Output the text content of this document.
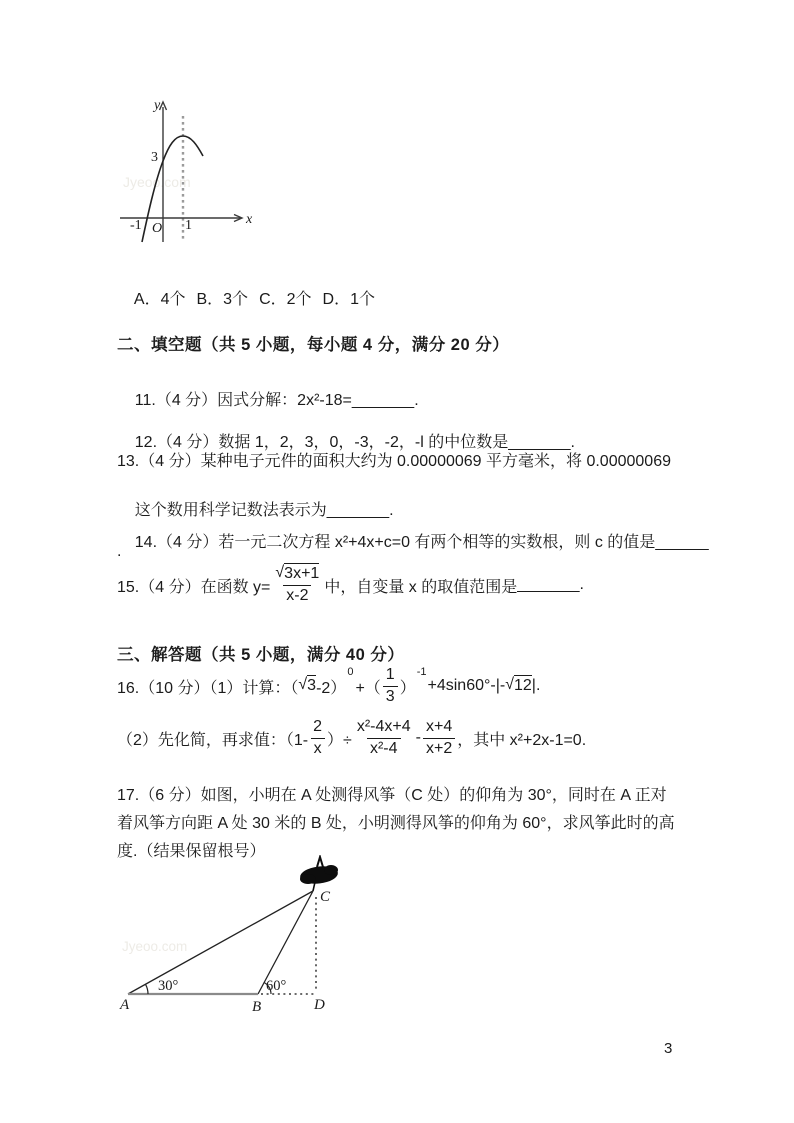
Jyeoo.com
y
x
O
3
-1	1

A．4个 B．3个 C．2个 D．1个

二、填空题（共 5 小题，每小题 4 分，满分 20 分）

11.（4 分）因式分解：2x²-18=_______.

12.（4 分）数据 1，2，3，0，-3，-2，-l 的中位数是_______.

13.（4 分）某种电子元件的面积大约为 0.00000069 平方毫米，将 0.00000069

这个数用科学记数法表示为_______.

14.（4 分）若一元二次方程 x²+4x+c=0 有两个相等的实数根，则 c 的值是______

.
15.（4 分）在函数 $y= \frac{√3x+1}{x-2}$ 中，自变量 x 的取值范围是 _______ .
三、解答题（共 5 小题，满分 40 分）
16.（10 分）（1）计算：（ √3 -2）
0
+（ $\frac{1}{3}$ ）
-1
+4sin60°-|- √12 |.
（2）先化简，再求值：（$1- \frac{2}{x}$ ）÷ $\frac{\text{x²-4x+4}}{\text{x²-4}} - \frac{x+4}{x+2}$ ，其中 x²+2x-1=0.
17.（6 分）如图，小明在 A 处测得风筝（C 处）的仰角为 30°，同时在 A 正对
着风筝方向距 A 处 30 米的 B 处，小明测得风筝的仰角为 60°，求风筝此时的高
度.（结果保留根号）
Jyeoo.com
A	B
C
D
30°	60°
3
